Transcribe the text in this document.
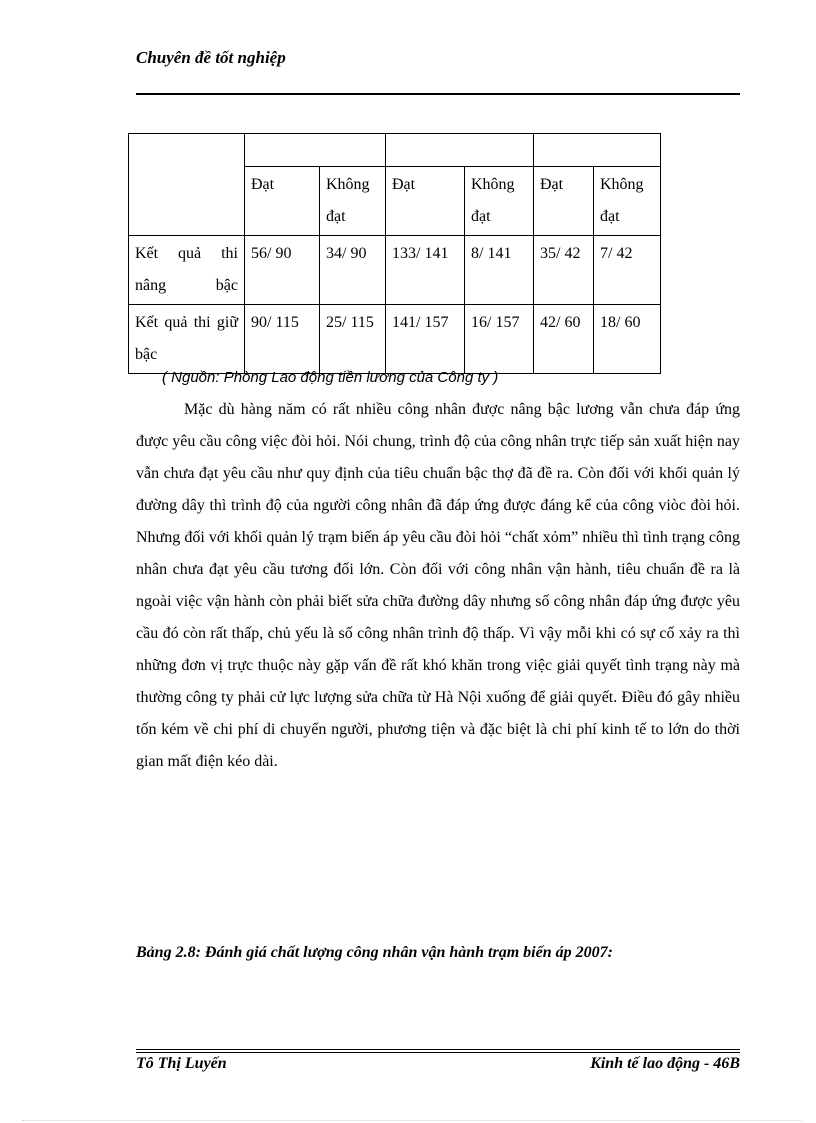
Chuyên đề tốt nghiệp

	Đạt	Không đạt	Đạt	Không đạt	Đạt	Không đạt
Kết quả thi nâng bậc	56/ 90	34/ 90	133/ 141	8/ 141	35/ 42	7/ 42
Kết quả thi giữ bậc	90/ 115	25/ 115	141/ 157	16/ 157	42/ 60	18/ 60
( Nguồn: Phòng Lao động tiền lương của Công ty )

Mặc dù hàng năm có rất nhiều công nhân được nâng bậc lương vẫn chưa đáp ứng được yêu cầu công việc đòi hỏi. Nói chung, trình độ của công nhân trực tiếp sản xuất hiện nay vẫn chưa đạt yêu cầu như quy định của tiêu chuẩn bậc thợ đã đề ra. Còn đối với khối quản lý đường dây thì trình độ của người công nhân đã đáp ứng được đáng kể của công viòc đòi hỏi. Nhưng đối với khối quản lý trạm biến áp yêu cầu đòi hỏi “chất xỏm” nhiều thì tình trạng công nhân chưa đạt yêu cầu tương đối lớn. Còn đối với công nhân vận hành, tiêu chuẩn đề ra là ngoài việc vận hành còn phải biết sửa chữa đường dây nhưng số công nhân đáp ứng được yêu cầu đó còn rất thấp, chủ yếu là số công nhân trình độ thấp. Vì vậy mỗi khi có sự cố xảy ra thì những đơn vị trực thuộc này gặp vấn đề rất khó khăn trong việc giải quyết tình trạng này mà thường công ty phải cử lực lượng sửa chữa từ Hà Nội xuống để giải quyết. Điều đó gây nhiều tốn kém về chi phí di chuyển người, phương tiện và đặc biệt là chi phí kinh tế to lớn do thời gian mất điện kéo dài.

Bảng 2.8: Đánh giá chất lượng công nhân vận hành trạm biến áp 2007:
Tô Thị Luyến	Kinh tế lao động - 46B
